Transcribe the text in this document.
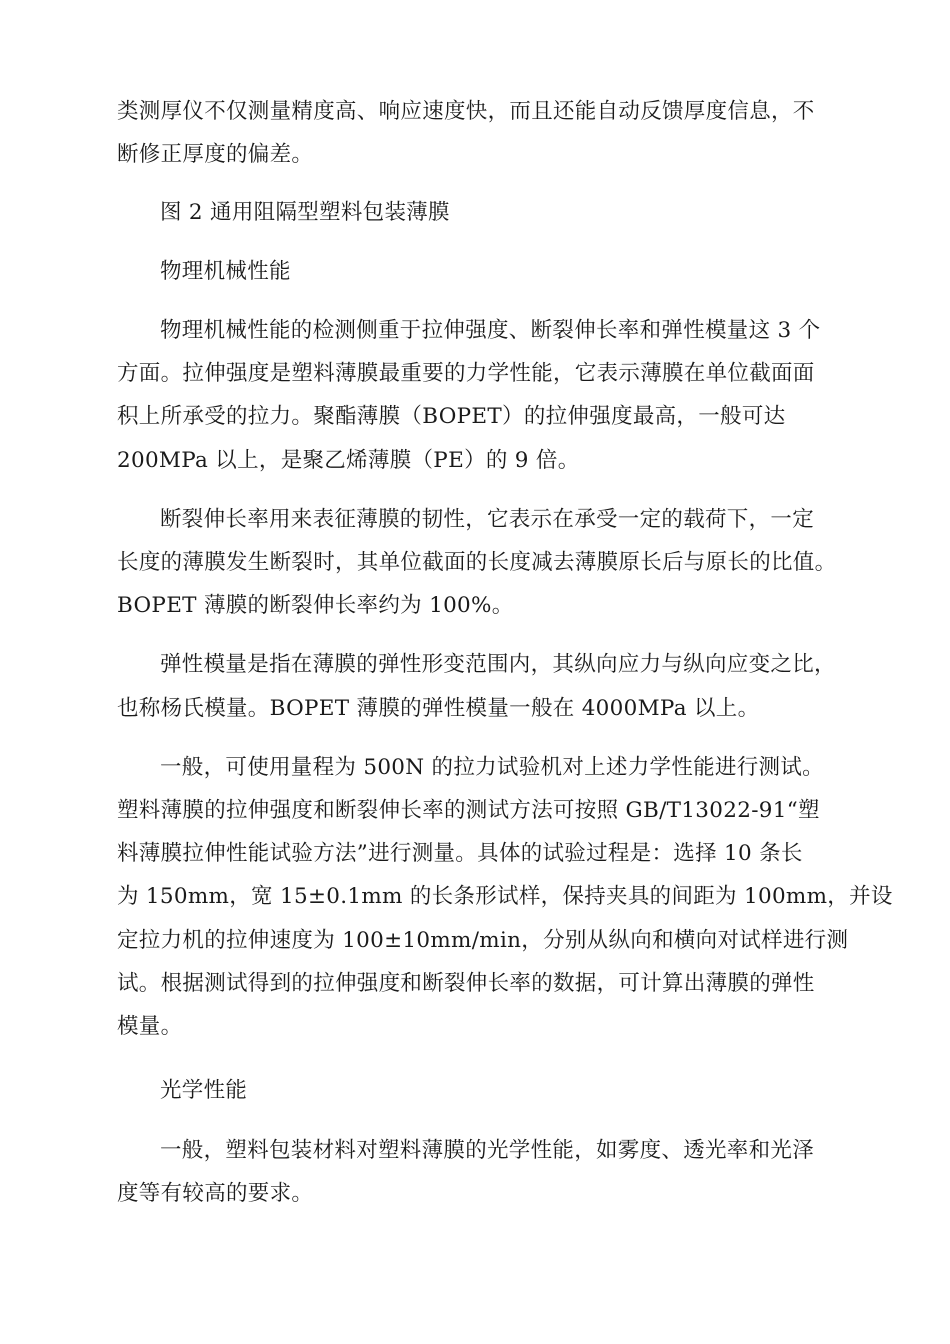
类测厚仪不仅测量精度高、响应速度快，而且还能自动反馈厚度信息，不
断修正厚度的偏差。
图 2 通用阻隔型塑料包装薄膜
物理机械性能
物理机械性能的检测侧重于拉伸强度、断裂伸长率和弹性模量这 3 个
方面。拉伸强度是塑料薄膜最重要的力学性能，它表示薄膜在单位截面面
积上所承受的拉力。聚酯薄膜（BOPET）的拉伸强度最高，一般可达
200MPa 以上，是聚乙烯薄膜（PE）的 9 倍。
断裂伸长率用来表征薄膜的韧性，它表示在承受一定的载荷下，一定
长度的薄膜发生断裂时，其单位截面的长度减去薄膜原长后与原长的比值。
BOPET 薄膜的断裂伸长率约为 100%。
弹性模量是指在薄膜的弹性形变范围内，其纵向应力与纵向应变之比，
也称杨氏模量。BOPET 薄膜的弹性模量一般在 4000MPa 以上。
一般，可使用量程为 500N 的拉力试验机对上述力学性能进行测试。
塑料薄膜的拉伸强度和断裂伸长率的测试方法可按照 GB/T13022-91“塑
料薄膜拉伸性能试验方法”进行测量。具体的试验过程是：选择 10 条长
为 150mm，宽 15±0.1mm 的长条形试样，保持夹具的间距为 100mm，并设
定拉力机的拉伸速度为 100±10mm/min，分别从纵向和横向对试样进行测
试。根据测试得到的拉伸强度和断裂伸长率的数据，可计算出薄膜的弹性
模量。
光学性能
一般，塑料包装材料对塑料薄膜的光学性能，如雾度、透光率和光泽
度等有较高的要求。
